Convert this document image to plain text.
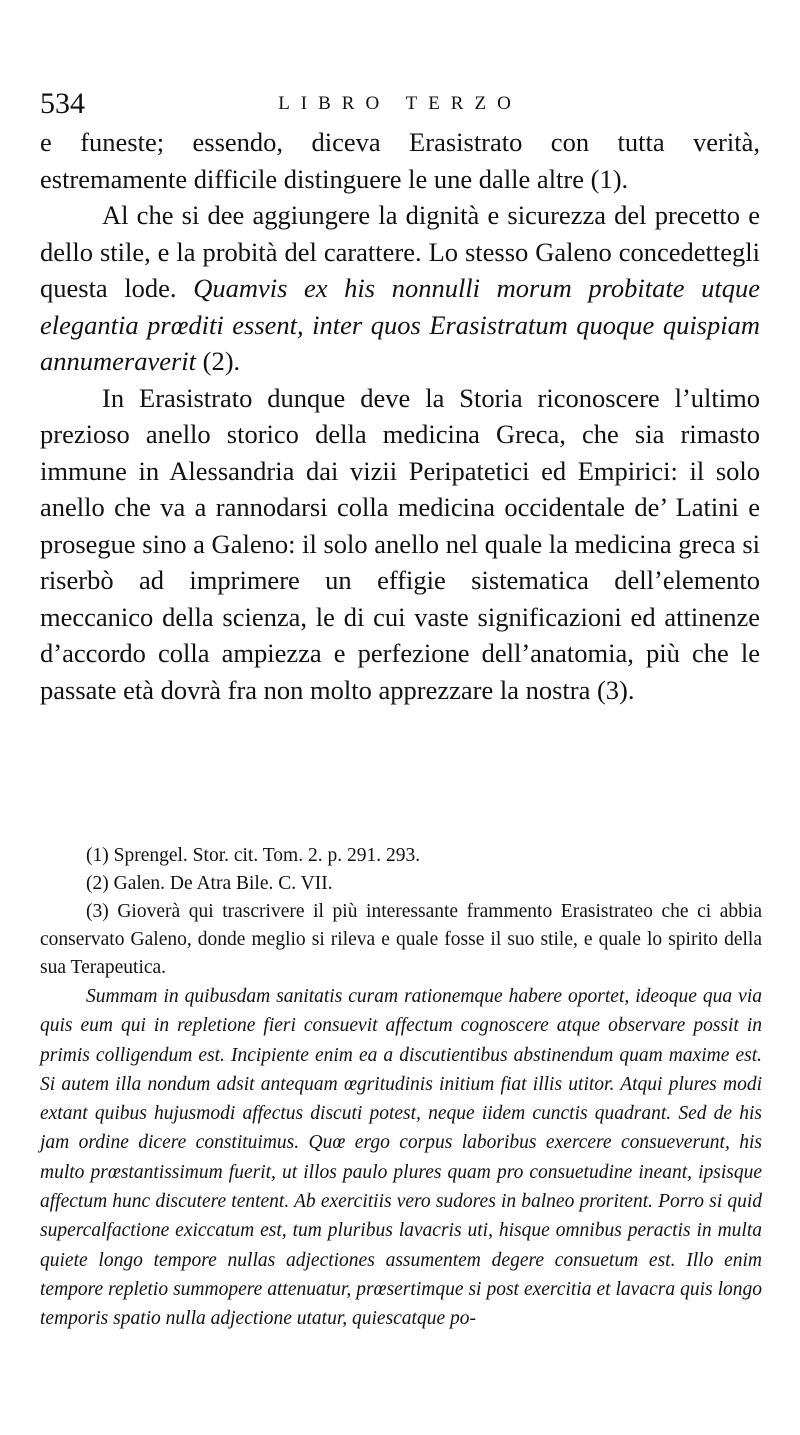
534	LIBRO TERZO

e funeste; essendo, diceva Erasistrato con tutta verità, estremamente difficile distinguere le une dalle altre (1).

Al che si dee aggiungere la dignità e sicurezza del precetto e dello stile, e la probità del carattere. Lo stesso Galeno concedettegli questa lode. Quamvis ex his nonnulli morum probitate utque elegantia prœditi essent, inter quos Erasistratum quoque quispiam annumeraverit (2).

In Erasistrato dunque deve la Storia riconoscere l’ultimo prezioso anello storico della medicina Greca, che sia rimasto immune in Alessandria dai vizii Peripatetici ed Empirici: il solo anello che va a rannodarsi colla medicina occidentale de’ Latini e prosegue sino a Galeno: il solo anello nel quale la medicina greca si riserbò ad imprimere un effigie sistematica dell’elemento meccanico della scienza, le di cui vaste significazioni ed attinenze d’accordo colla ampiezza e perfezione dell’anatomia, più che le passate età dovrà fra non molto apprezzare la nostra (3).

(1) Sprengel. Stor. cit. Tom. 2. p. 291. 293.

(2) Galen. De Atra Bile. C. VII.

(3) Gioverà qui trascrivere il più interessante frammento Erasistrateo che ci abbia conservato Galeno, donde meglio si rileva e quale fosse il suo stile, e quale lo spirito della sua Terapeutica.

Summam in quibusdam sanitatis curam rationemque habere oportet, ideoque qua via quis eum qui in repletione fieri consuevit affectum cognoscere atque observare possit in primis colligendum est. Incipiente enim ea a discutientibus abstinendum quam maxime est. Si autem illa nondum adsit antequam œgritudinis initium fiat illis utitor. Atqui plures modi extant quibus hujusmodi affectus discuti potest, neque iidem cunctis quadrant. Sed de his jam ordine dicere constituimus. Quœ ergo corpus laboribus exercere consueverunt, his multo prœstantissimum fuerit, ut illos paulo plures quam pro consuetudine ineant, ipsisque affectum hunc discutere tentent. Ab exercitiis vero sudores in balneo proritent. Porro si quid supercalfactione exiccatum est, tum pluribus lavacris uti, hisque omnibus peractis in multa quiete longo tempore nullas adjectiones assumentem degere consuetum est. Illo enim tempore repletio summopere attenuatur, prœsertimque si post exercitia et lavacra quis longo temporis spatio nulla adjectione utatur, quiescatque po-
